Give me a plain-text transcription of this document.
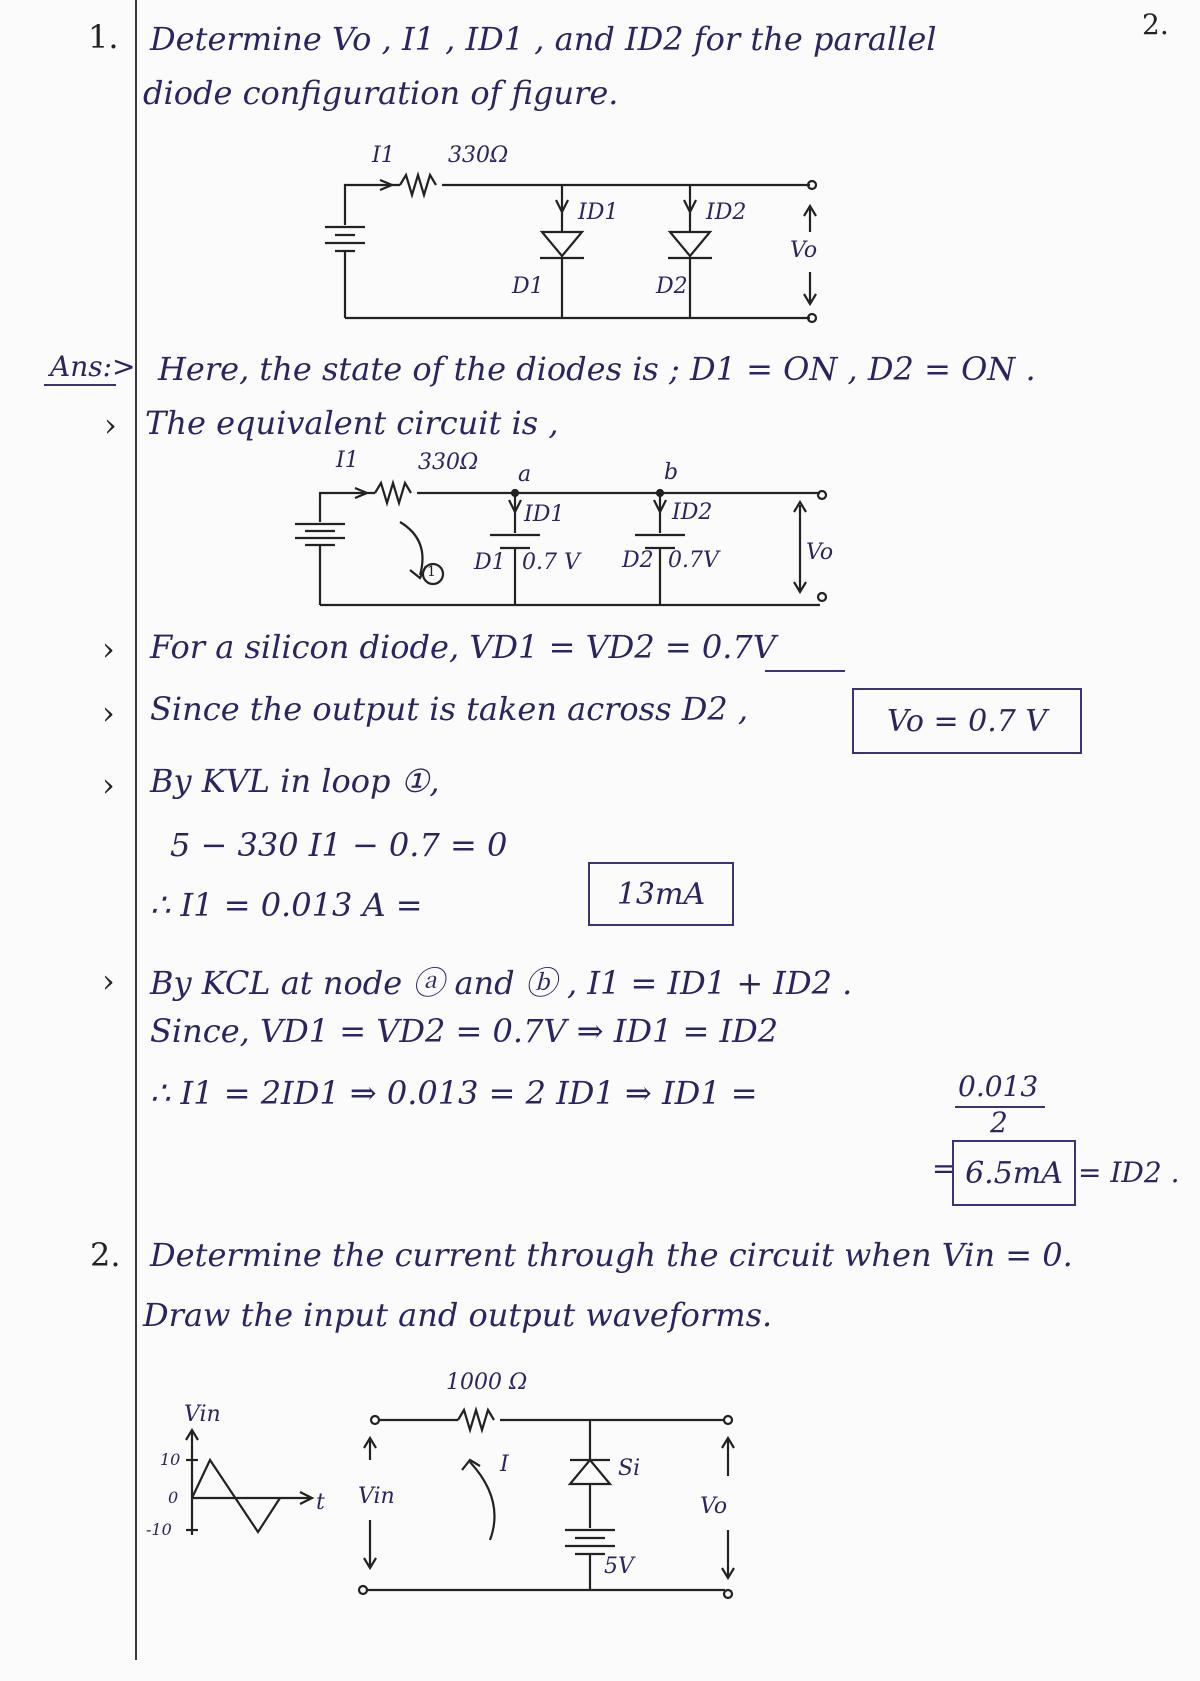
2.
1. Determine Vo , I1 , ID1 , and ID2 for the parallel
diode configuration of figure.
I1 330Ω
ID1	ID2
D1	D2
Vo
Ans:> Here, the state of the diodes is ; D1 = ON , D2 = ON .
› The equivalent circuit is ,
I1	330Ω a	b
ID1	ID2
D1 0.7 V D2 0.7V	Vo
1
› For a silicon diode, VD1 = VD2 = 0.7V
› Since the output is taken across D2 ,	Vo = 0.7 V
› By KVL in loop ①,
5 − 330 I1 − 0.7 = 0
∴ I1 = 0.013 A =	13mA
› By KCL at node ⓐ and ⓑ , I1 = ID1 + ID2 .
Since, VD1 = VD2 = 0.7V ⇒ ID1 = ID2
∴ I1 = 2ID1 ⇒ 0.013 = 2 ID1 ⇒ ID1 =	0.013
2
= 6.5mA = ID2 .
2. Determine the current through the circuit when Vin = 0.
Draw the input and output waveforms.
1000 Ω
Vin
I	Si
5V
Vo
Vin
t
10
0
-10
